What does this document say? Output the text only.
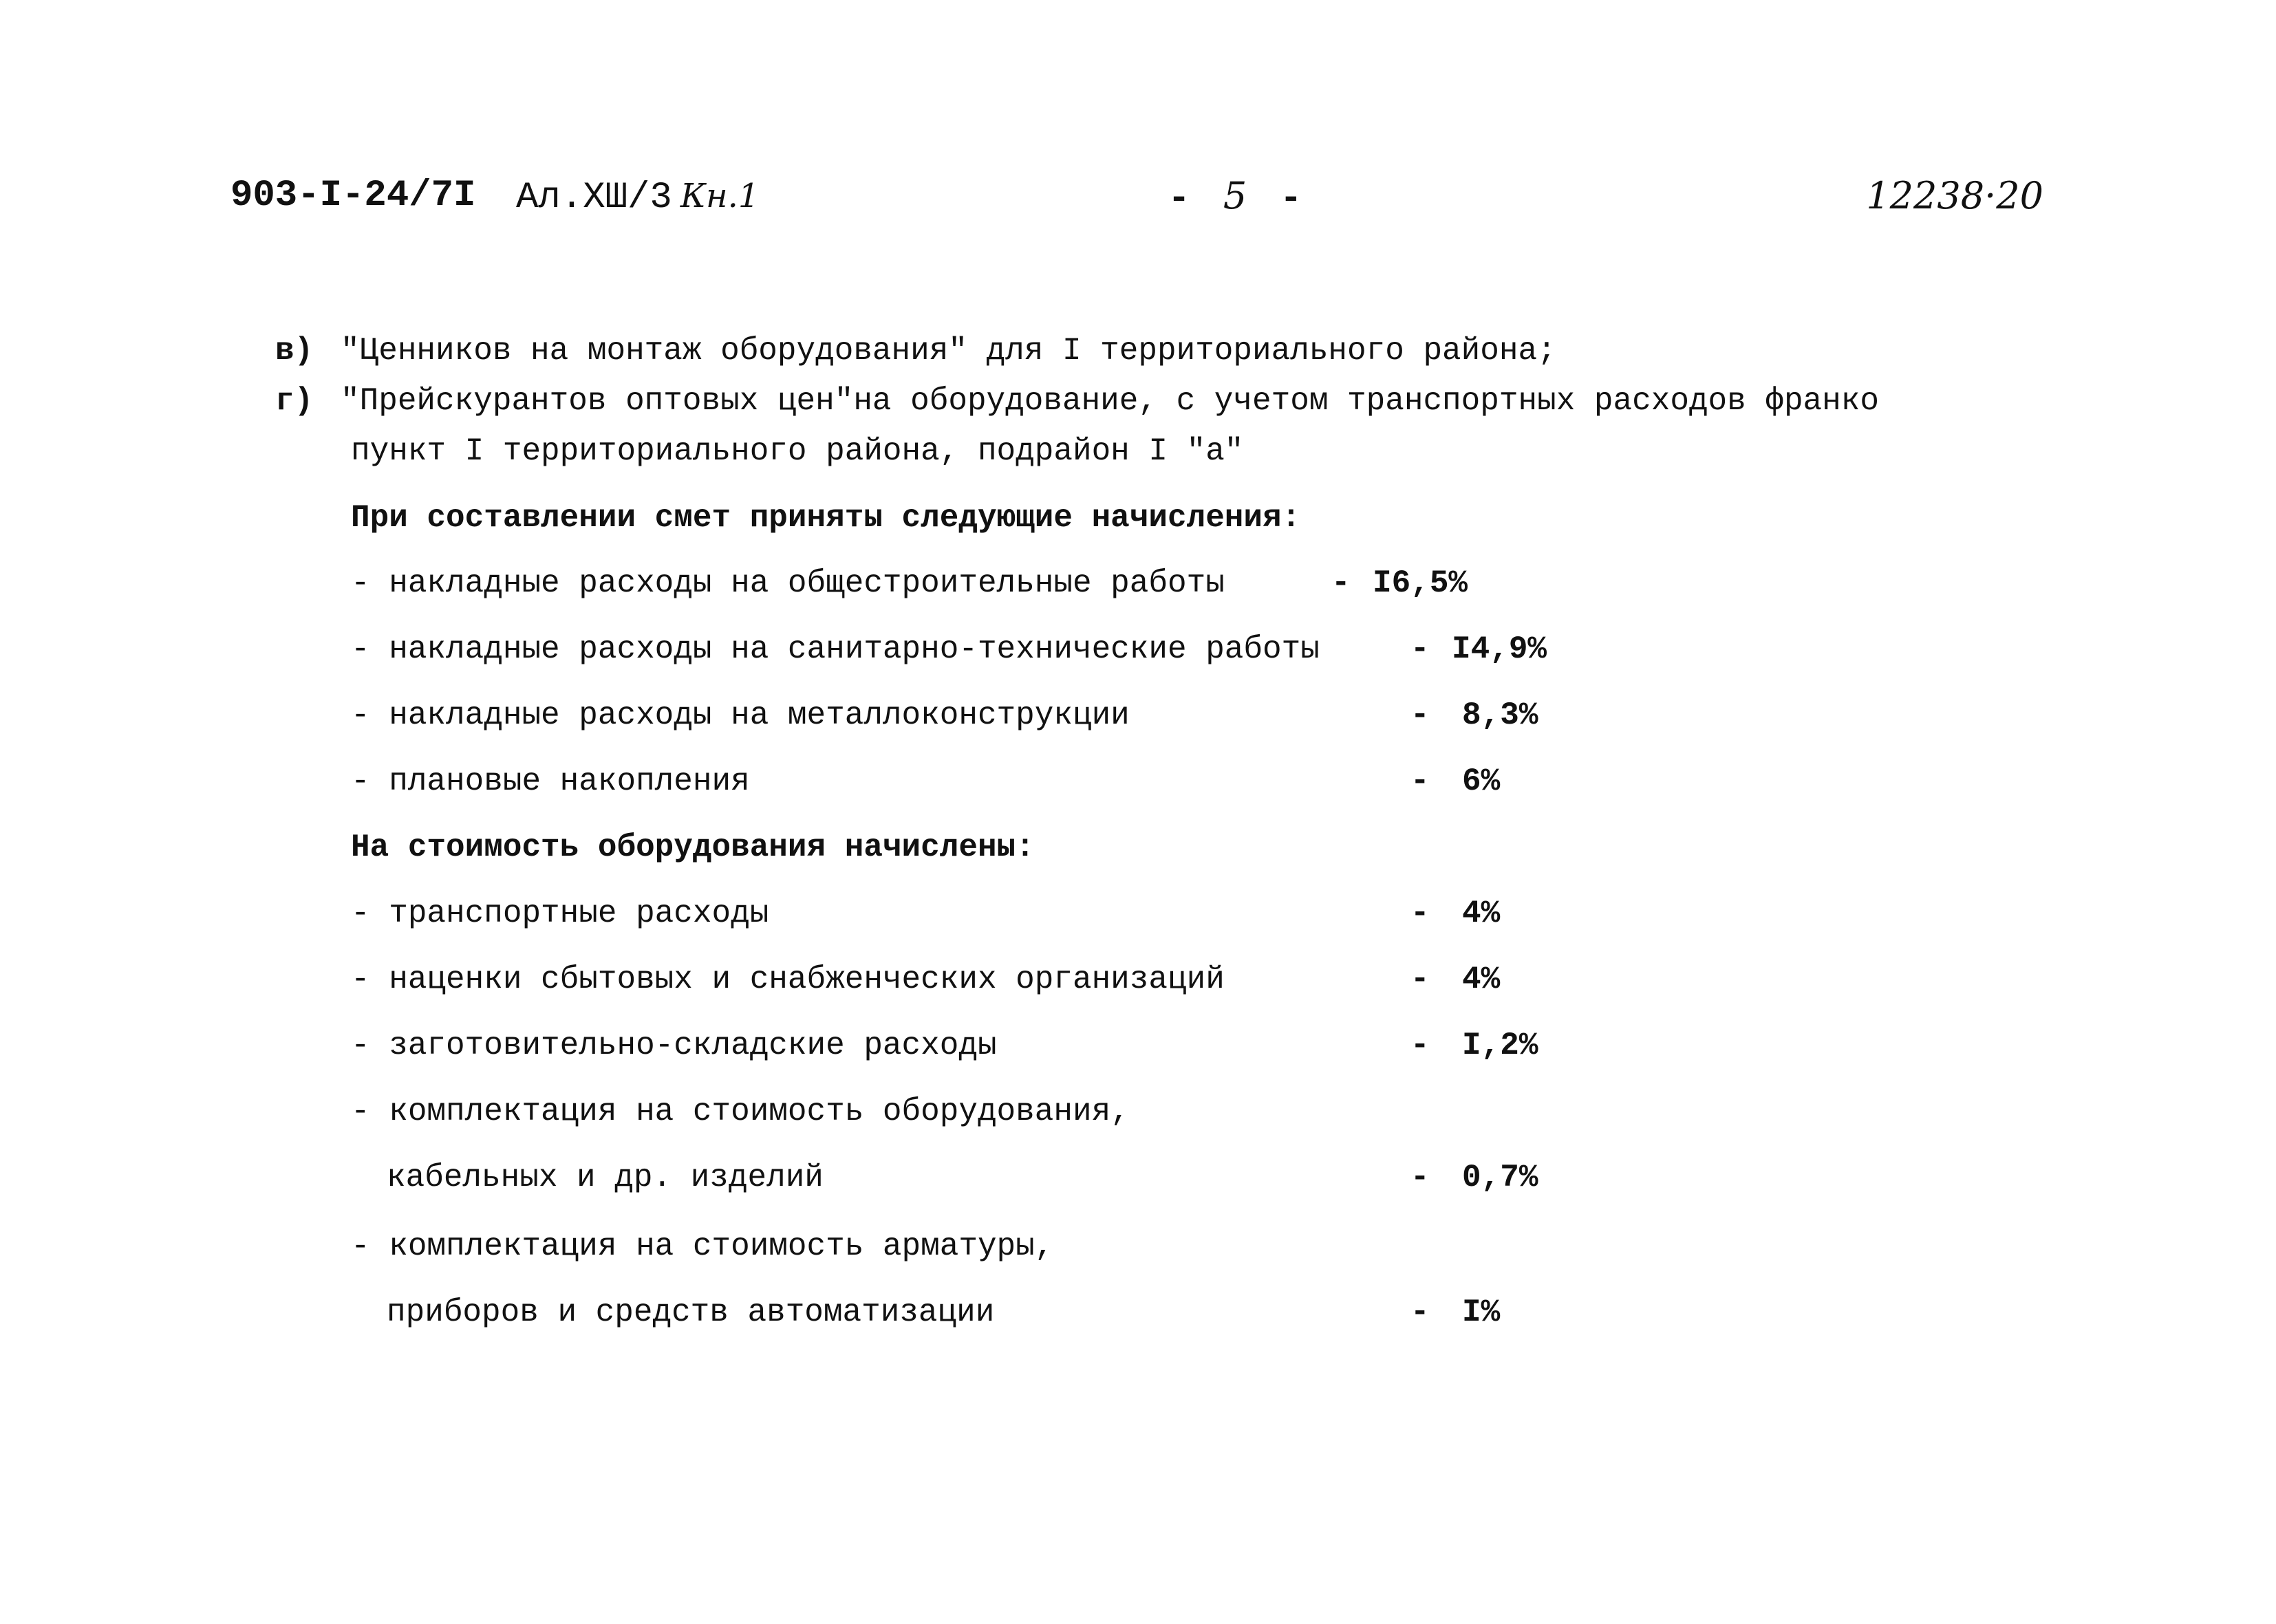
903-I-24/7I Ал.ХШ/3 Кн.1	- 5 -	12238·20
в) "Ценников на монтаж оборудования" для I территориального района;
г) "Прейскурантов оптовых цен"на оборудование, с учетом транспортных расходов франко
пункт I территориального района, подрайон I "а"
При составлении смет приняты следующие начисления:
- накладные расходы на общестроительные работы	- I6,5%
- накладные расходы на санитарно-технические работы	- I4,9%
- накладные расходы на металлоконструкции	- 8,3%
- плановые накопления	- 6%
На стоимость оборудования начислены:
- транспортные расходы	- 4%
- наценки сбытовых и снабженческих организаций	- 4%
- заготовительно-складские расходы	- I,2%
- комплектация на стоимость оборудования,
кабельных и др. изделий	- 0,7%
- комплектация на стоимость арматуры,
приборов и средств автоматизации	- I%
